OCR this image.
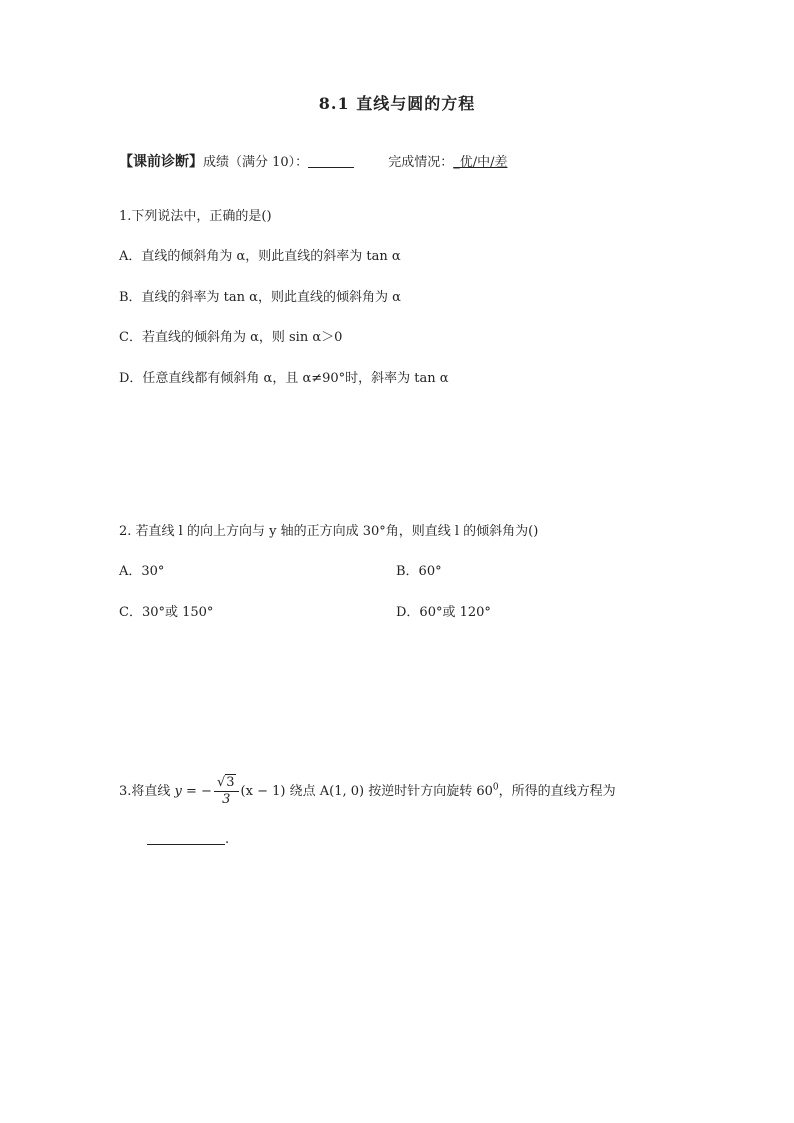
8.1 直线与圆的方程
【课前诊断】成绩（满分 10）：	完成情况：_优/中/差
1.下列说法中，正确的是()
A．直线的倾斜角为 α，则此直线的斜率为 tan α
B．直线的斜率为 tan α，则此直线的倾斜角为 α
C．若直线的倾斜角为 α，则 sin α＞0
D．任意直线都有倾斜角 α，且 α≠90°时，斜率为 tan α
2. 若直线 l 的向上方向与 y 轴的正方向成 30°角，则直线 l 的倾斜角为()
A．30°	B．60°
C．30°或 150°	D．60°或 120°
3.将直线 y = − $\frac{√3}{3} (x - 1)$ 绕点 A(1, 0) 按逆时针方向旋转 $60^0$，所得的直线方程为
.
